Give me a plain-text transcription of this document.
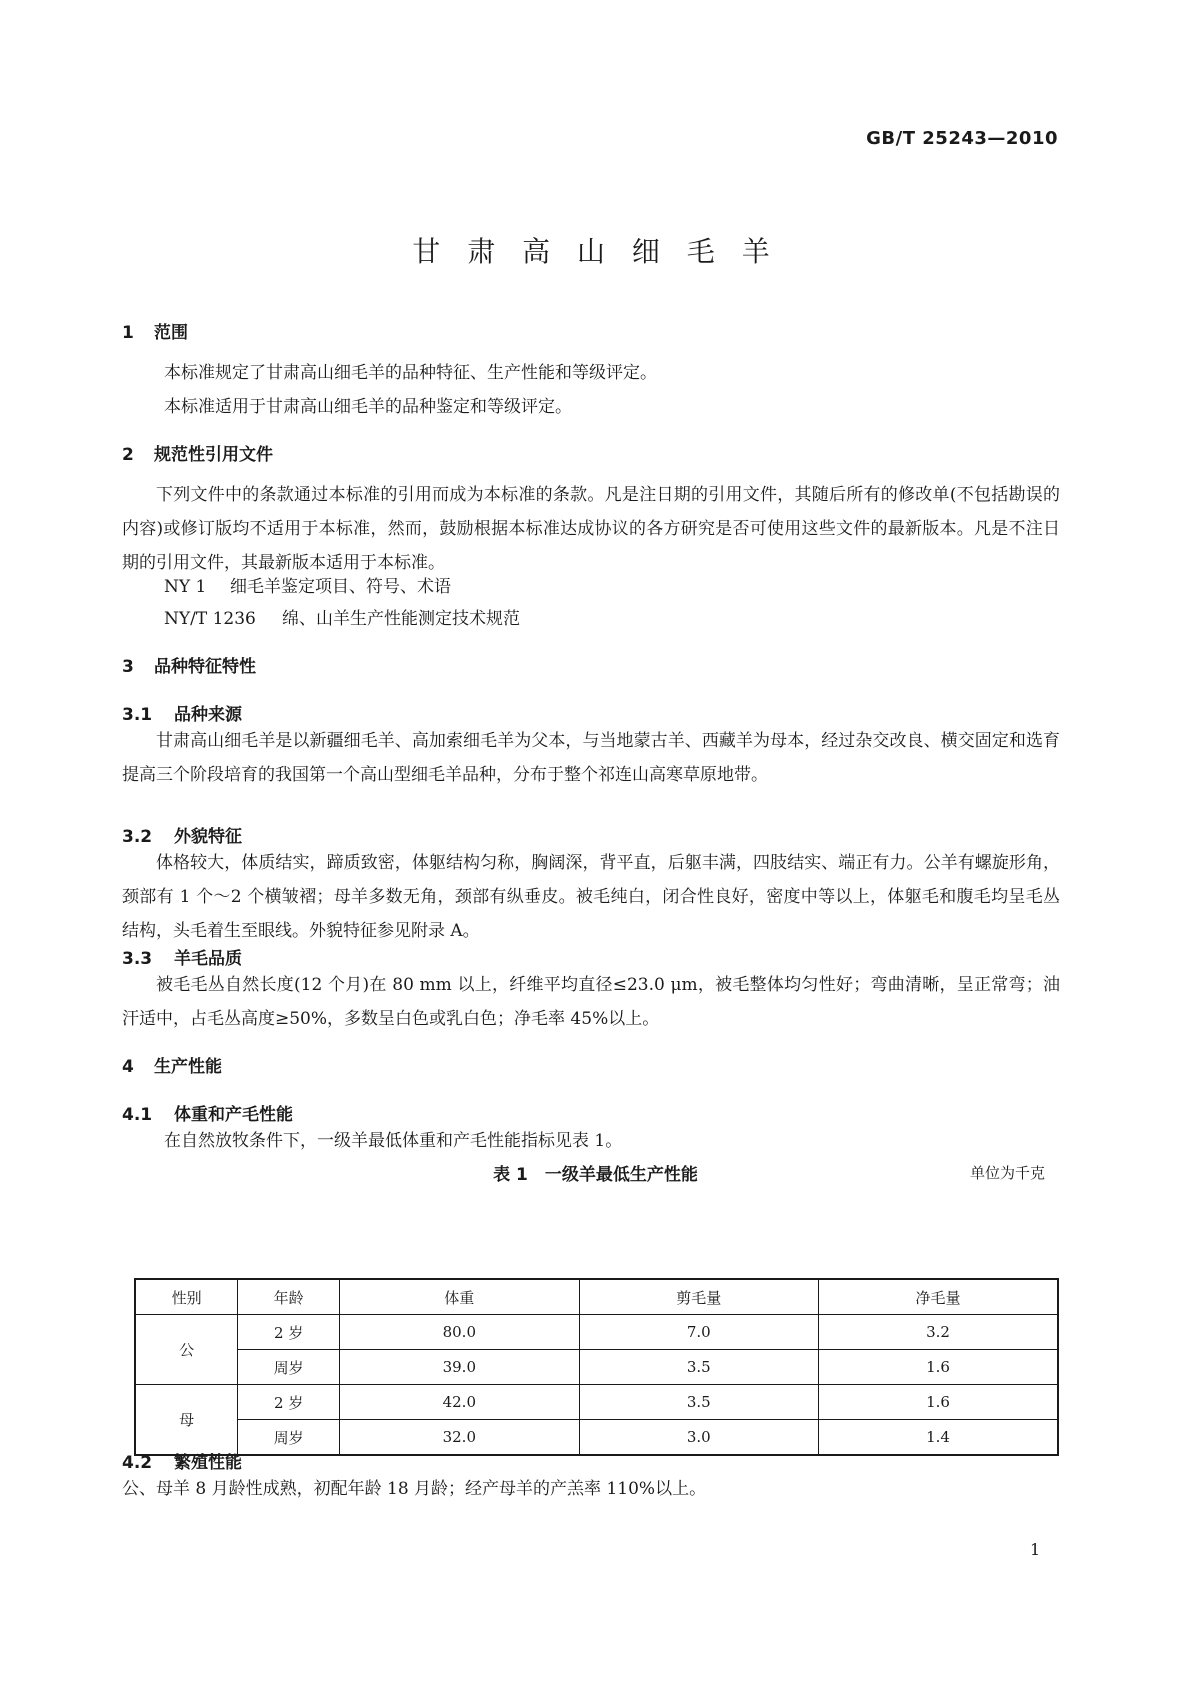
GB/T 25243—2010
甘 肃 高 山 细 毛 羊
1 范围
本标准规定了甘肃高山细毛羊的品种特征、生产性能和等级评定。
本标准适用于甘肃高山细毛羊的品种鉴定和等级评定。
2 规范性引用文件
下列文件中的条款通过本标准的引用而成为本标准的条款。凡是注日期的引用文件，其随后所有的修改单(不包括勘误的内容)或修订版均不适用于本标准，然而，鼓励根据本标准达成协议的各方研究是否可使用这些文件的最新版本。凡是不注日期的引用文件，其最新版本适用于本标准。
NY 1 细毛羊鉴定项目、符号、术语
NY/T 1236 绵、山羊生产性能测定技术规范
3 品种特征特性
3.1 品种来源
甘肃高山细毛羊是以新疆细毛羊、高加索细毛羊为父本，与当地蒙古羊、西藏羊为母本，经过杂交改良、横交固定和选育提高三个阶段培育的我国第一个高山型细毛羊品种，分布于整个祁连山高寒草原地带。
3.2 外貌特征
体格较大，体质结实，蹄质致密，体躯结构匀称，胸阔深，背平直，后躯丰满，四肢结实、端正有力。公羊有螺旋形角，颈部有 1 个～2 个横皱褶；母羊多数无角，颈部有纵垂皮。被毛纯白，闭合性良好，密度中等以上，体躯毛和腹毛均呈毛丛结构，头毛着生至眼线。外貌特征参见附录 A。
3.3 羊毛品质
被毛毛丛自然长度(12 个月)在 80 mm 以上，纤维平均直径≤23.0 μm，被毛整体均匀性好；弯曲清晰，呈正常弯；油汗适中，占毛丛高度≥50%，多数呈白色或乳白色；净毛率 45%以上。
4 生产性能
4.1 体重和产毛性能
在自然放牧条件下，一级羊最低体重和产毛性能指标见表 1。
表 1　一级羊最低生产性能	单位为千克
性别	年龄	体重	剪毛量	净毛量
公	2 岁	80.0	7.0	3.2
	周岁	39.0	3.5	1.6
母	2 岁	42.0	3.5	1.6
	周岁	32.0	3.0	1.4
4.2 繁殖性能
公、母羊 8 月龄性成熟，初配年龄 18 月龄；经产母羊的产羔率 110%以上。
1
